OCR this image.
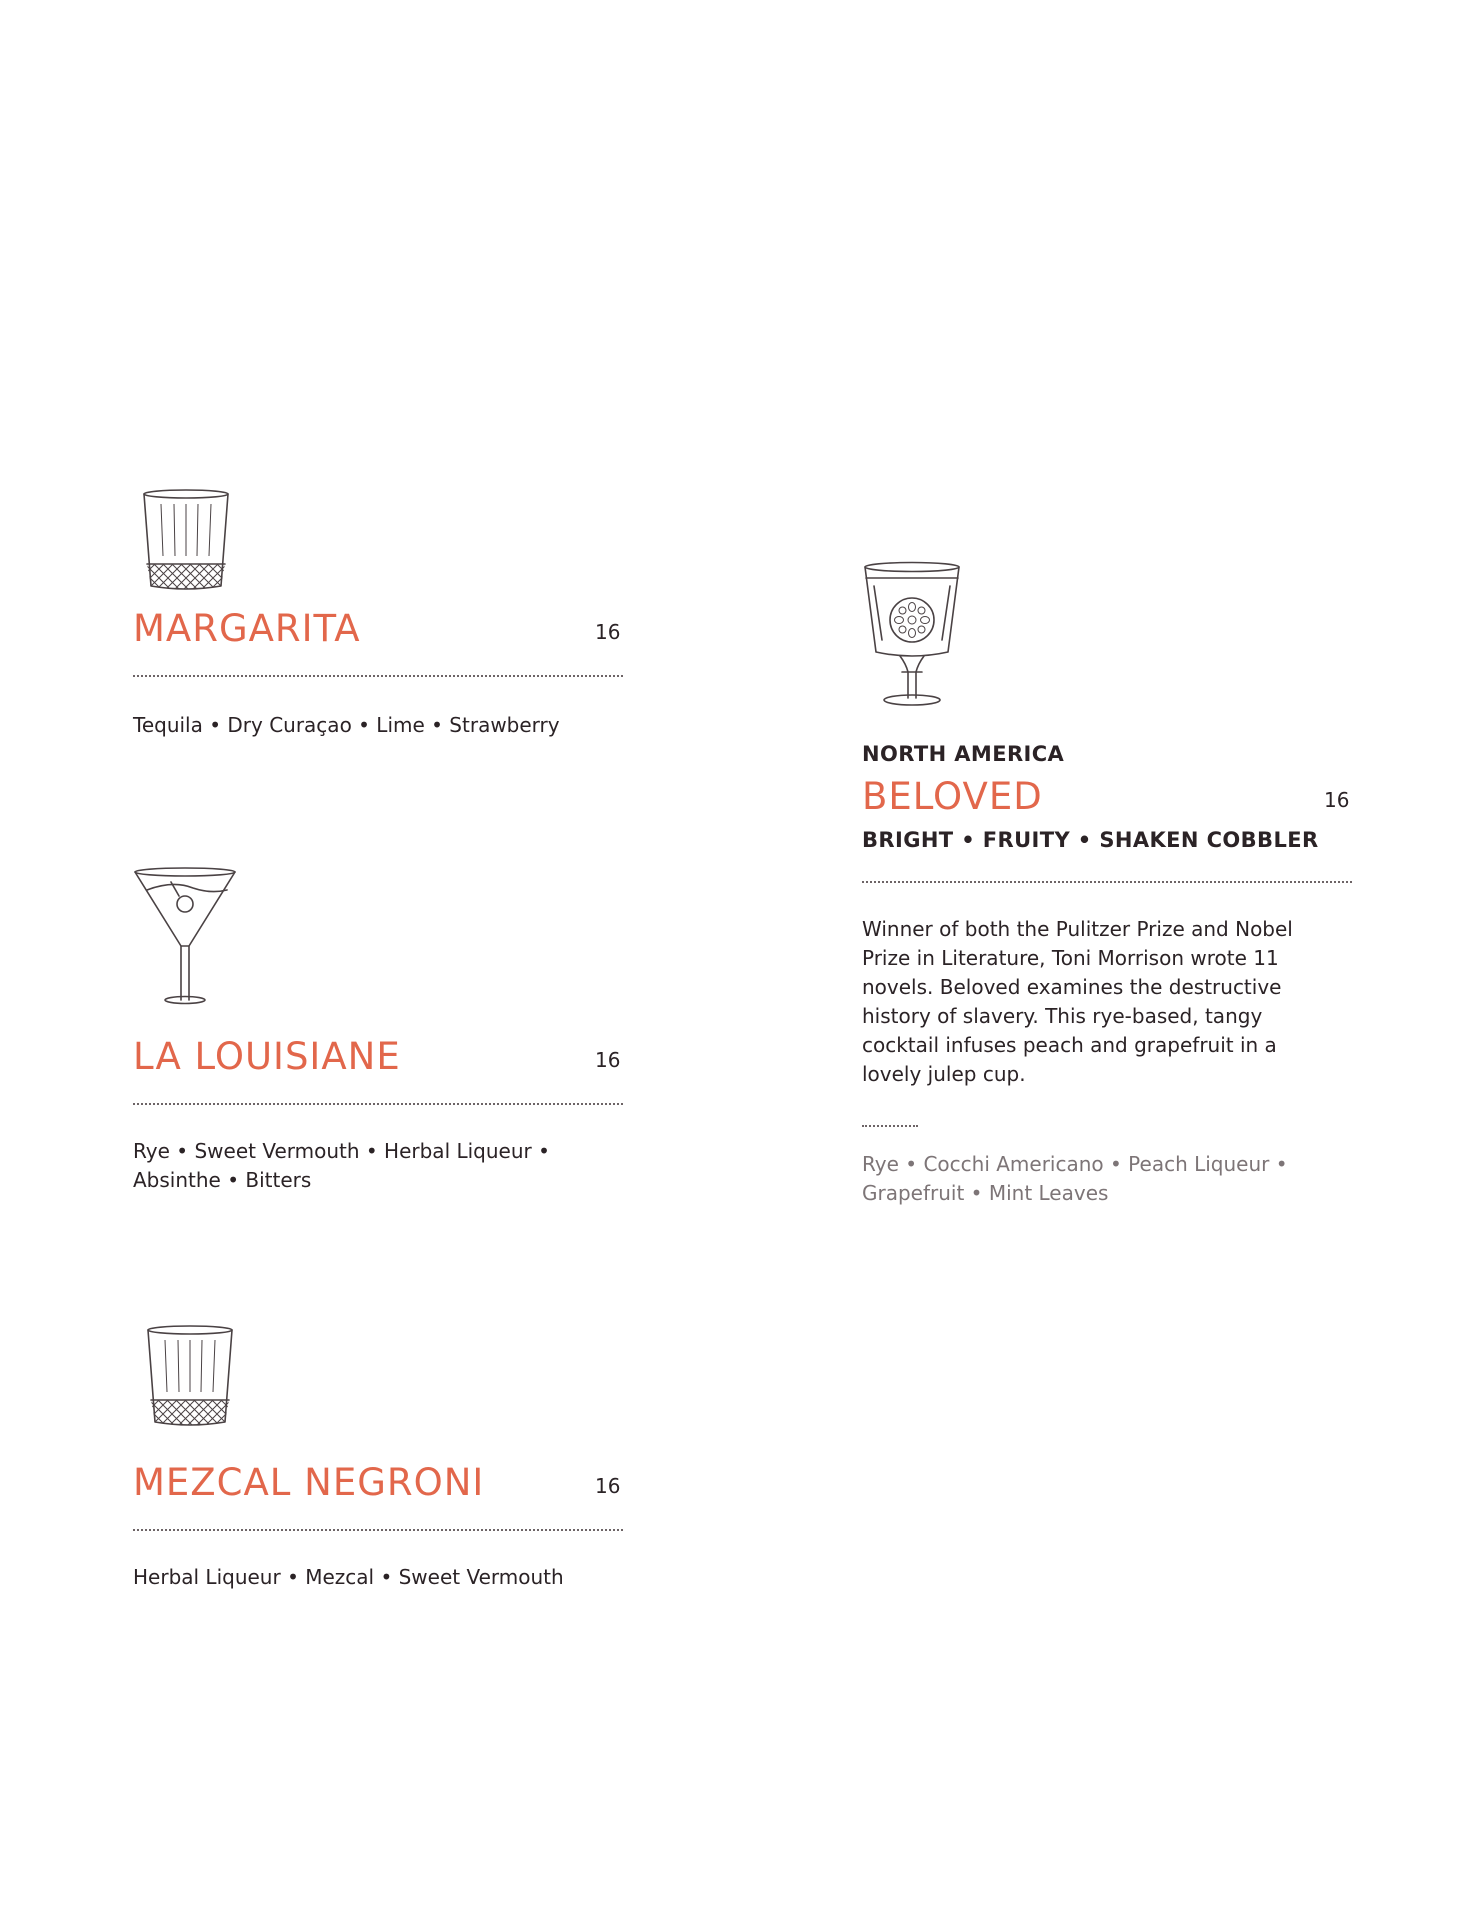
MARGARITA	16

Tequila • Dry Curaçao • Lime • Strawberry

LA LOUISIANE	16

Rye • Sweet Vermouth • Herbal Liqueur •

Absinthe • Bitters

MEZCAL NEGRONI	16

Herbal Liqueur • Mezcal • Sweet Vermouth

NORTH AMERICA
BELOVED	16
BRIGHT • FRUITY • SHAKEN COBBLER

Winner of both the Pulitzer Prize and Nobel Prize in Literature, Toni Morrison wrote 11 novels. Beloved examines the destructive history of slavery. This rye-based, tangy cocktail infuses peach and grapefruit in a lovely julep cup.

Rye • Cocchi Americano • Peach Liqueur •

Grapefruit • Mint Leaves
